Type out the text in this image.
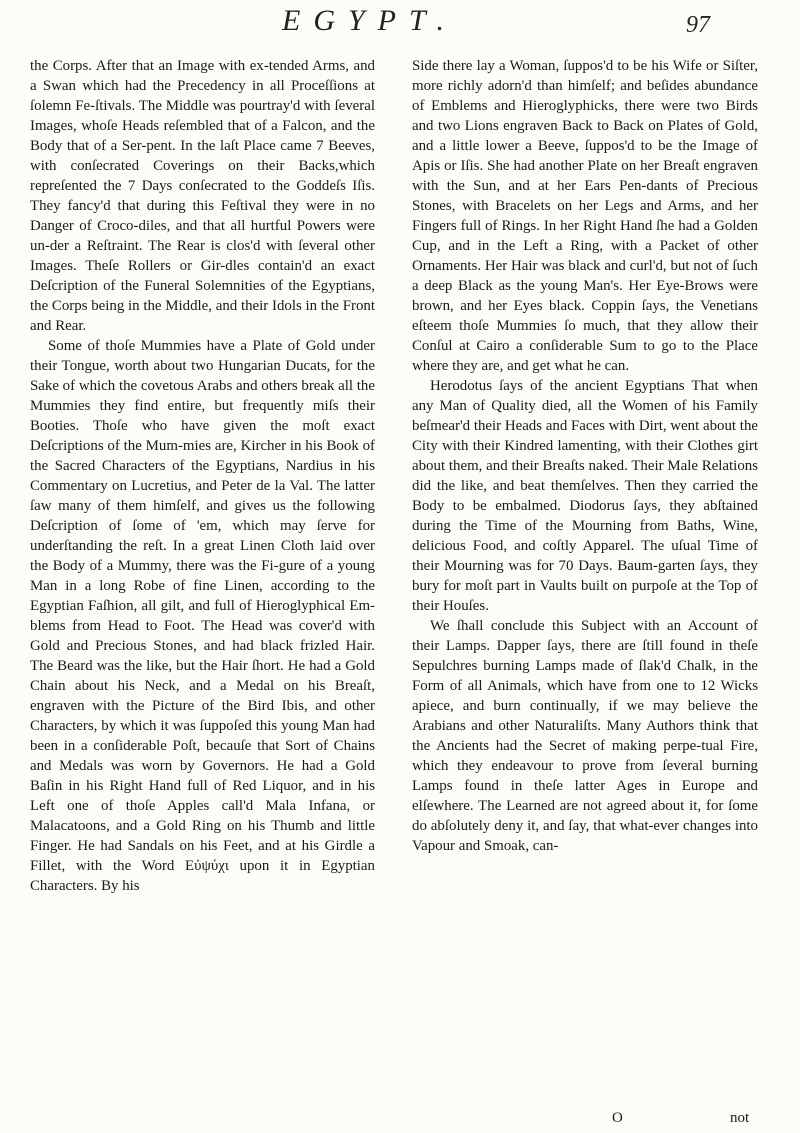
EGYPT.	97

the Corps. After that an Image with ex-tended Arms, and a Swan which had the Precedency in all Proceſſions at ſolemn Fe-ſtivals. The Middle was pourtray'd with ſeveral Images, whoſe Heads reſembled that of a Falcon, and the Body that of a Ser-pent. In the laſt Place came 7 Beeves, with conſecrated Coverings on their Backs,which repreſented the 7 Days conſecrated to the Goddeſs Iſis. They fancy'd that during this Feſtival they were in no Danger of Croco-diles, and that all hurtful Powers were un-der a Reſtraint. The Rear is clos'd with ſeveral other Images. Theſe Rollers or Gir-dles contain'd an exact Deſcription of the Funeral Solemnities of the Egyptians, the Corps being in the Middle, and their Idols in the Front and Rear.

Some of thoſe Mummies have a Plate of Gold under their Tongue, worth about two Hungarian Ducats, for the Sake of which the covetous Arabs and others break all the Mummies they find entire, but frequently miſs their Booties. Thoſe who have given the moſt exact Deſcriptions of the Mum-mies are, Kircher in his Book of the Sacred Characters of the Egyptians, Nardius in his Commentary on Lucretius, and Peter de la Val. The latter ſaw many of them himſelf, and gives us the following Deſcription of ſome of 'em, which may ſerve for underſtanding the reſt. In a great Linen Cloth laid over the Body of a Mummy, there was the Fi-gure of a young Man in a long Robe of fine Linen, according to the Egyptian Faſhion, all gilt, and full of Hieroglyphical Em-blems from Head to Foot. The Head was cover'd with Gold and Precious Stones, and had black frizled Hair. The Beard was the like, but the Hair ſhort. He had a Gold Chain about his Neck, and a Medal on his Breaſt, engraven with the Picture of the Bird Ibis, and other Characters, by which it was ſuppoſed this young Man had been in a conſiderable Poſt, becauſe that Sort of Chains and Medals was worn by Governors. He had a Gold Baſin in his Right Hand full of Red Liquor, and in his Left one of thoſe Apples call'd Mala Infana, or Malacatoons, and a Gold Ring on his Thumb and little Finger. He had Sandals on his Feet, and at his Girdle a Fillet, with the Word Εὐψύχι upon it in Egyptian Characters. By his

Side there lay a Woman, ſuppos'd to be his Wife or Siſter, more richly adorn'd than himſelf; and beſides abundance of Emblems and Hieroglyphicks, there were two Birds and two Lions engraven Back to Back on Plates of Gold, and a little lower a Beeve, ſuppos'd to be the Image of Apis or Iſis. She had another Plate on her Breaſt engraven with the Sun, and at her Ears Pen-dants of Precious Stones, with Bracelets on her Legs and Arms, and her Fingers full of Rings. In her Right Hand ſhe had a Golden Cup, and in the Left a Ring, with a Packet of other Ornaments. Her Hair was black and curl'd, but not of ſuch a deep Black as the young Man's. Her Eye-Brows were brown, and her Eyes black. Coppin ſays, the Venetians eſteem thoſe Mummies ſo much, that they allow their Conſul at Cairo a conſiderable Sum to go to the Place where they are, and get what he can.

Herodotus ſays of the ancient Egyptians That when any Man of Quality died, all the Women of his Family beſmear'd their Heads and Faces with Dirt, went about the City with their Kindred lamenting, with their Clothes girt about them, and their Breaſts naked. Their Male Relations did the like, and beat themſelves. Then they carried the Body to be embalmed. Diodorus ſays, they abſtained during the Time of the Mourning from Baths, Wine, delicious Food, and coſtly Apparel. The uſual Time of their Mourning was for 70 Days. Baum-garten ſays, they bury for moſt part in Vaults built on purpoſe at the Top of their Houſes.

We ſhall conclude this Subject with an Account of their Lamps. Dapper ſays, there are ſtill found in theſe Sepulchres burning Lamps made of ſlak'd Chalk, in the Form of all Animals, which have from one to 12 Wicks apiece, and burn continually, if we may believe the Arabians and other Naturaliſts. Many Authors think that the Ancients had the Secret of making perpe-tual Fire, which they endeavour to prove from ſeveral burning Lamps found in theſe latter Ages in Europe and elſewhere. The Learned are not agreed about it, for ſome do abſolutely deny it, and ſay, that what-ever changes into Vapour and Smoak, can-

O	not
